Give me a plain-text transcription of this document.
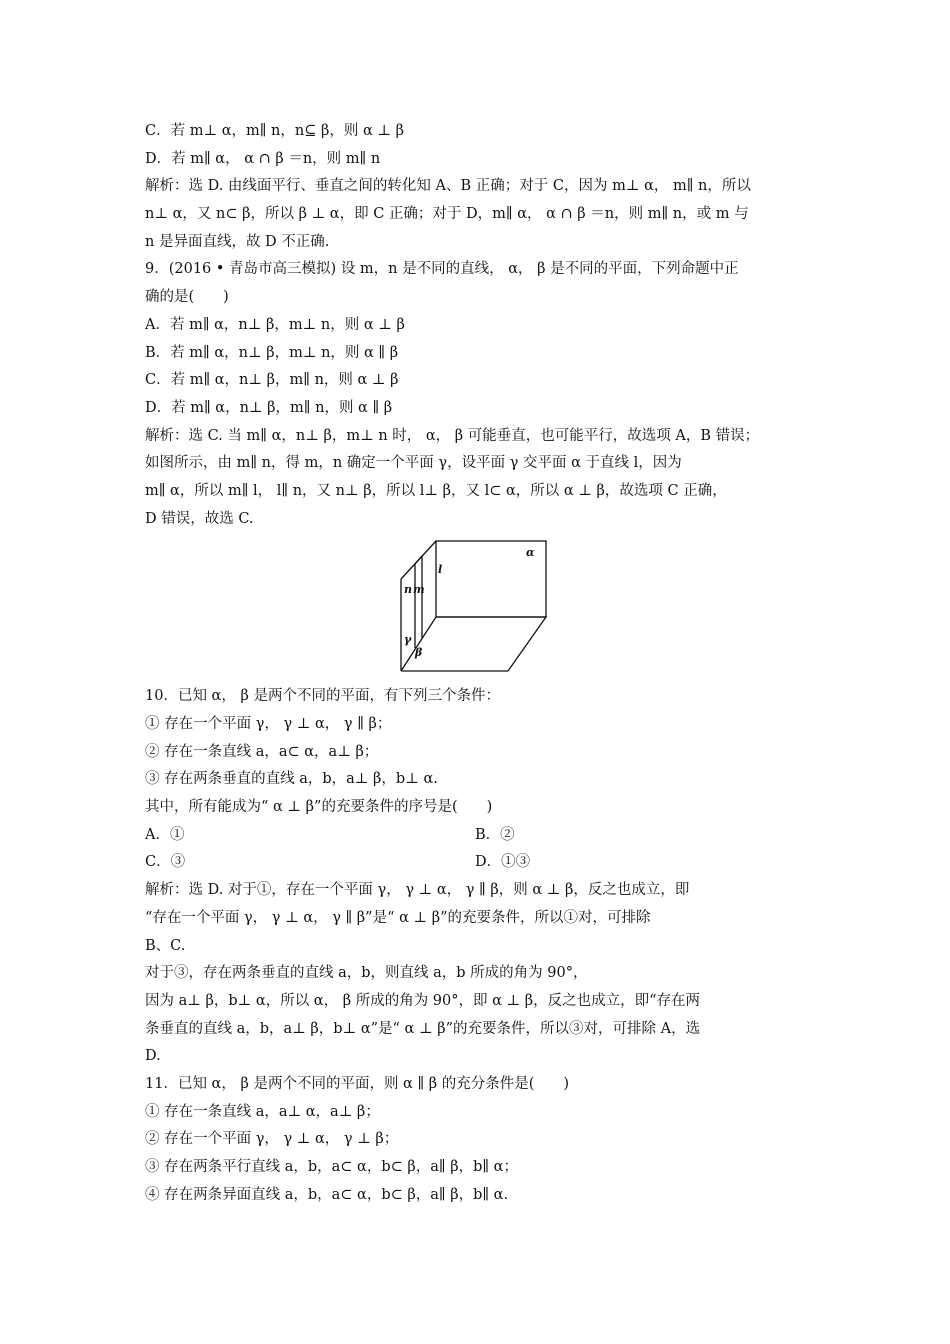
C．若 m⊥ α，m∥ n，n⊆ β，则 α ⊥ β
D．若 m∥ α， α ∩ β ＝n，则 m∥ n
解析：选 D. 由线面平行、垂直之间的转化知 A、B 正确；对于 C，因为 m⊥ α， m∥ n，所以
n⊥ α，又 n⊂ β，所以 β ⊥ α，即 C 正确；对于 D，m∥ α， α ∩ β ＝n，则 m∥ n，或 m 与
n 是异面直线，故 D 不正确.
9．(2016 • 青岛市高三模拟) 设 m，n 是不同的直线， α， β 是不同的平面，下列命题中正
确的是(　　)
A．若 m∥ α，n⊥ β，m⊥ n，则 α ⊥ β
B．若 m∥ α，n⊥ β，m⊥ n，则 α ∥ β
C．若 m∥ α，n⊥ β，m∥ n，则 α ⊥ β
D．若 m∥ α，n⊥ β，m∥ n，则 α ∥ β
解析：选 C. 当 m∥ α，n⊥ β，m⊥ n 时， α， β 可能垂直，也可能平行，故选项 A，B 错误；
如图所示，由 m∥ n，得 m，n 确定一个平面 γ，设平面 γ 交平面 α 于直线 l，因为
m∥ α，所以 m∥ l， l∥ n，又 n⊥ β，所以 l⊥ β，又 l⊂ α，所以 α ⊥ β，故选项 C 正确，
D 错误，故选 C.
α
l
n m
γ
β
10．已知 α， β 是两个不同的平面，有下列三个条件：
① 存在一个平面 γ， γ ⊥ α， γ ∥ β；
② 存在一条直线 a，a⊂ α，a⊥ β；
③ 存在两条垂直的直线 a，b，a⊥ β，b⊥ α.
其中，所有能成为“ α ⊥ β”的充要条件的序号是(　　)
A．①	B．②
C．③	D．①③
解析：选 D. 对于①，存在一个平面 γ， γ ⊥ α， γ ∥ β，则 α ⊥ β，反之也成立，即
“存在一个平面 γ， γ ⊥ α， γ ∥ β”是“ α ⊥ β”的充要条件，所以①对，可排除
B、C.
对于③，存在两条垂直的直线 a，b，则直线 a，b 所成的角为 90°，
因为 a⊥ β，b⊥ α，所以 α， β 所成的角为 90°，即 α ⊥ β，反之也成立，即“存在两
条垂直的直线 a，b，a⊥ β，b⊥ α”是“ α ⊥ β”的充要条件，所以③对，可排除 A，选
D.
11．已知 α， β 是两个不同的平面，则 α ∥ β 的充分条件是(　　)
① 存在一条直线 a，a⊥ α，a⊥ β；
② 存在一个平面 γ， γ ⊥ α， γ ⊥ β；
③ 存在两条平行直线 a，b，a⊂ α，b⊂ β，a∥ β，b∥ α；
④ 存在两条异面直线 a，b，a⊂ α，b⊂ β，a∥ β，b∥ α.
